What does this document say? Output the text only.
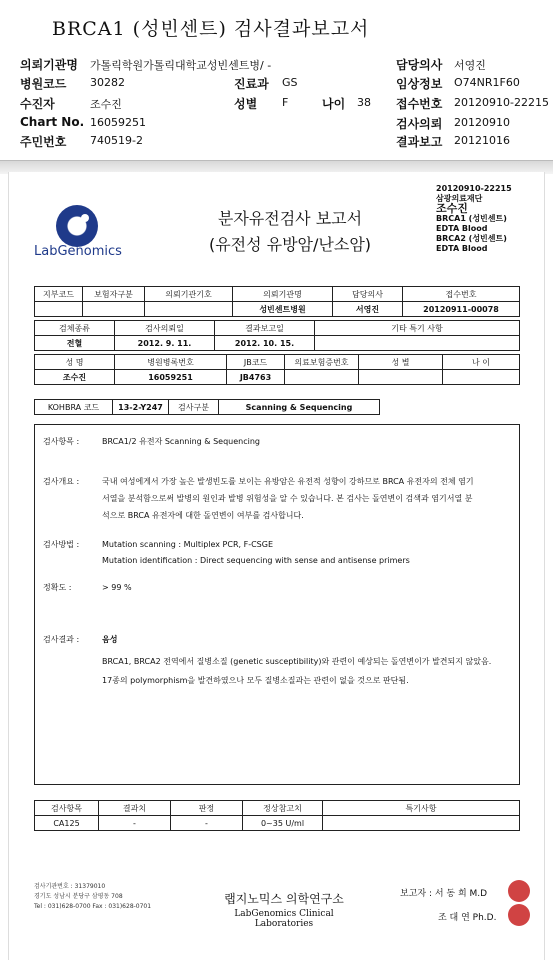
BRCA1 (성빈센트) 검사결과보고서
의뢰기관명 가톨릭학원가톨릭대학교성빈센트병/ -	담당의사 서영진
병원코드 30282	진료과 GS	임상정보 O74NR1F60
수진자	조수진	성별 F	나이 38 접수번호 20120910-22215
Chart No. 16059251	검사의뢰 20120910
주민번호 740519-2	결과보고 20121016
LabGenomics
분자유전검사 보고서
(유전성 유방암/난소암)
20120910-22215
삼광의료재단
조수진
BRCA1 (성빈센트)
EDTA Blood
BRCA2 (성빈센트)
EDTA Blood
지부코드	보험자구분	의뢰기관기호	의뢰기관명	담당의사	접수번호
			성빈센트병원	서영진	20120911-00078
검체종류	검사의뢰일	결과보고일	기타 특기 사항
전혈	2012. 9. 11.	2012. 10. 15.	
성 명	병원병록번호	JB코드	의료보험증번호	성 별	나 이
조수진	16059251	JB4763			
KOHBRA 코드	13-2-Y247	검사구분	Scanning & Sequencing
검사항목 :	BRCA1/2 유전자 Scanning & Sequencing
검사개요 :	국내 여성에게서 가장 높은 발생빈도를 보이는 유방암은 유전적 성향이 강하므로 BRCA 유전자의 전체 염기
서열을 분석함으로써 발병의 원인과 발병 위험성을 알 수 있습니다. 본 검사는 돌연변이 검색과 염기서열 분
석으로 BRCA 유전자에 대한 돌연변이 여부를 검사합니다.
검사방법 :	Mutation scanning : Multiplex PCR, F-CSGE
Mutation identification : Direct sequencing with sense and antisense primers
정확도 :	> 99 %
검사결과 :	음성
BRCA1, BRCA2 전역에서 질병소질 (genetic susceptibility)와 관련이 예상되는 돌연변이가 발견되지 않았음.
17종의 polymorphism을 발견하였으나 모두 질병소질과는 관련이 없을 것으로 판단됨.
검사항목	결과치	판정	정상참고치	특기사항
CA125	-	-	0~35 U/ml	
검사기관번호 : 31379010
경기도 성남시 분당구 삼평동 708
Tel : 031)628-0700 Fax : 031)628-0701
랩지노믹스 의학연구소
LabGenomics Clinical Laboratories
보고자 : 서 동 희 M.D
조 대 연 Ph.D.
